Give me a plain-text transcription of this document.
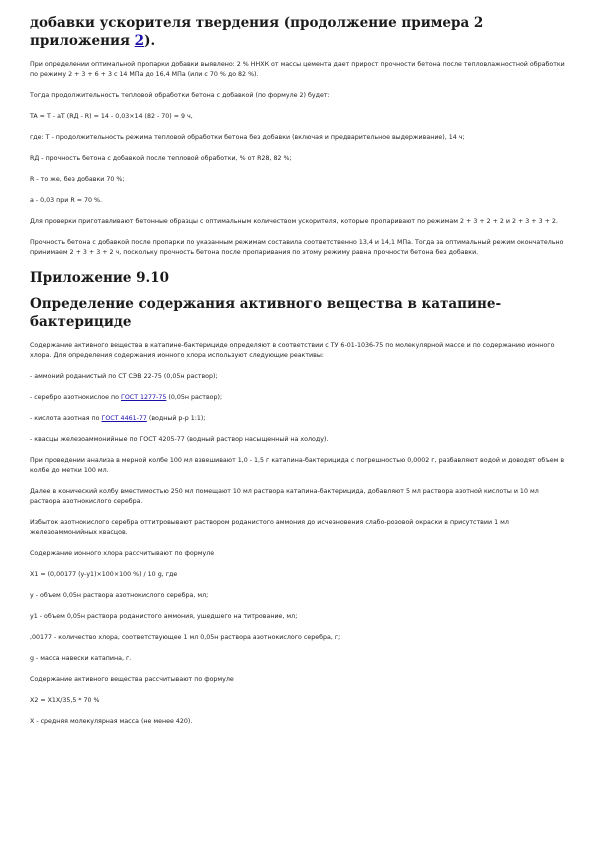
добавки ускорителя твердения (продолжение примера 2 приложения 2).

При определении оптимальной пропарки добавки выявлено: 2 % ННХК от массы цемента дает прирост прочности бетона после тепловлажностной обработки по режиму 2 + 3 + 6 + 3 с 14 МПа до 16,4 МПа (или с 70 % до 82 %).

Тогда продолжительность тепловой обработки бетона с добавкой (по формуле 2) будет:

TA = T - aT (RД - R) = 14 - 0,03×14 (82 - 70) = 9 ч,

где: T - продолжительность режима тепловой обработки бетона без добавки (включая и предварительное выдерживание), 14 ч;

RД - прочность бетона с добавкой после тепловой обработки, % от R28, 82 %;

R - то же, без добавки 70 %;

a - 0,03 при R = 70 %.

Для проверки приготавливают бетонные образцы с оптимальным количеством ускорителя, которые пропаривают по режимам 2 + 3 + 2 + 2 и 2 + 3 + 3 + 2.

Прочность бетона с добавкой после пропарки по указанным режимам составила соответственно 13,4 и 14,1 МПа. Тогда за оптимальный режим окончательно принимаем 2 + 3 + 3 + 2 ч, поскольку прочность бетона после пропаривания по этому режиму равна прочности бетона без добавки.

Приложение 9.10
Определение содержания активного вещества в катапине-бактерициде

Содержание активного вещества в катапине-бактерициде определяют в соответствии с ТУ 6-01-1036-75 по молекулярной массе и по содержанию ионного хлора. Для определения содержания ионного хлора используют следующие реактивы:

- аммоний роданистый по СТ СЭВ 22-75 (0,05н раствор);

- серебро азотнокислое по ГОСТ 1277-75 (0,05н раствор);

- кислота азотная по ГОСТ 4461-77 (водный р-р 1:1);

- квасцы железоаммонийные по ГОСТ 4205-77 (водный раствор насыщенный на холоду).

При проведении анализа в мерной колбе 100 мл взвешивают 1,0 - 1,5 г катапина-бактерицида с погрешностью 0,0002 г, разбавляют водой и доводят объем в колбе до метки 100 мл.

Далее в конический колбу вместимостью 250 мл помещают 10 мл раствора катапина-бактерицида, добавляют 5 мл раствора азотной кислоты и 10 мл раствора азотнокислого серебра.

Избыток азотнокислого серебра оттитровывают раствором роданистого аммония до исчезновения слабо-розовой окраски в присутствии 1 мл железоаммонийных квасцов.

Содержание ионного хлора рассчитывают по формуле

X1 = (0,00177 (y-y1)×100×100 %) / 10 g, где

y - объем 0,05н раствора азотнокислого серебра, мл;

y1 - объем 0,05н раствора роданистого аммония, ушедшего на титрование, мл;

,00177 - количество хлора, соответствующее 1 мл 0,05н раствора азотнокислого серебра, г;

g - масса навески катапина, г.

Содержание активного вещества рассчитывают по формуле

X2 = X1X/35,5 * 70 %

X - средняя молекулярная масса (не менее 420).
